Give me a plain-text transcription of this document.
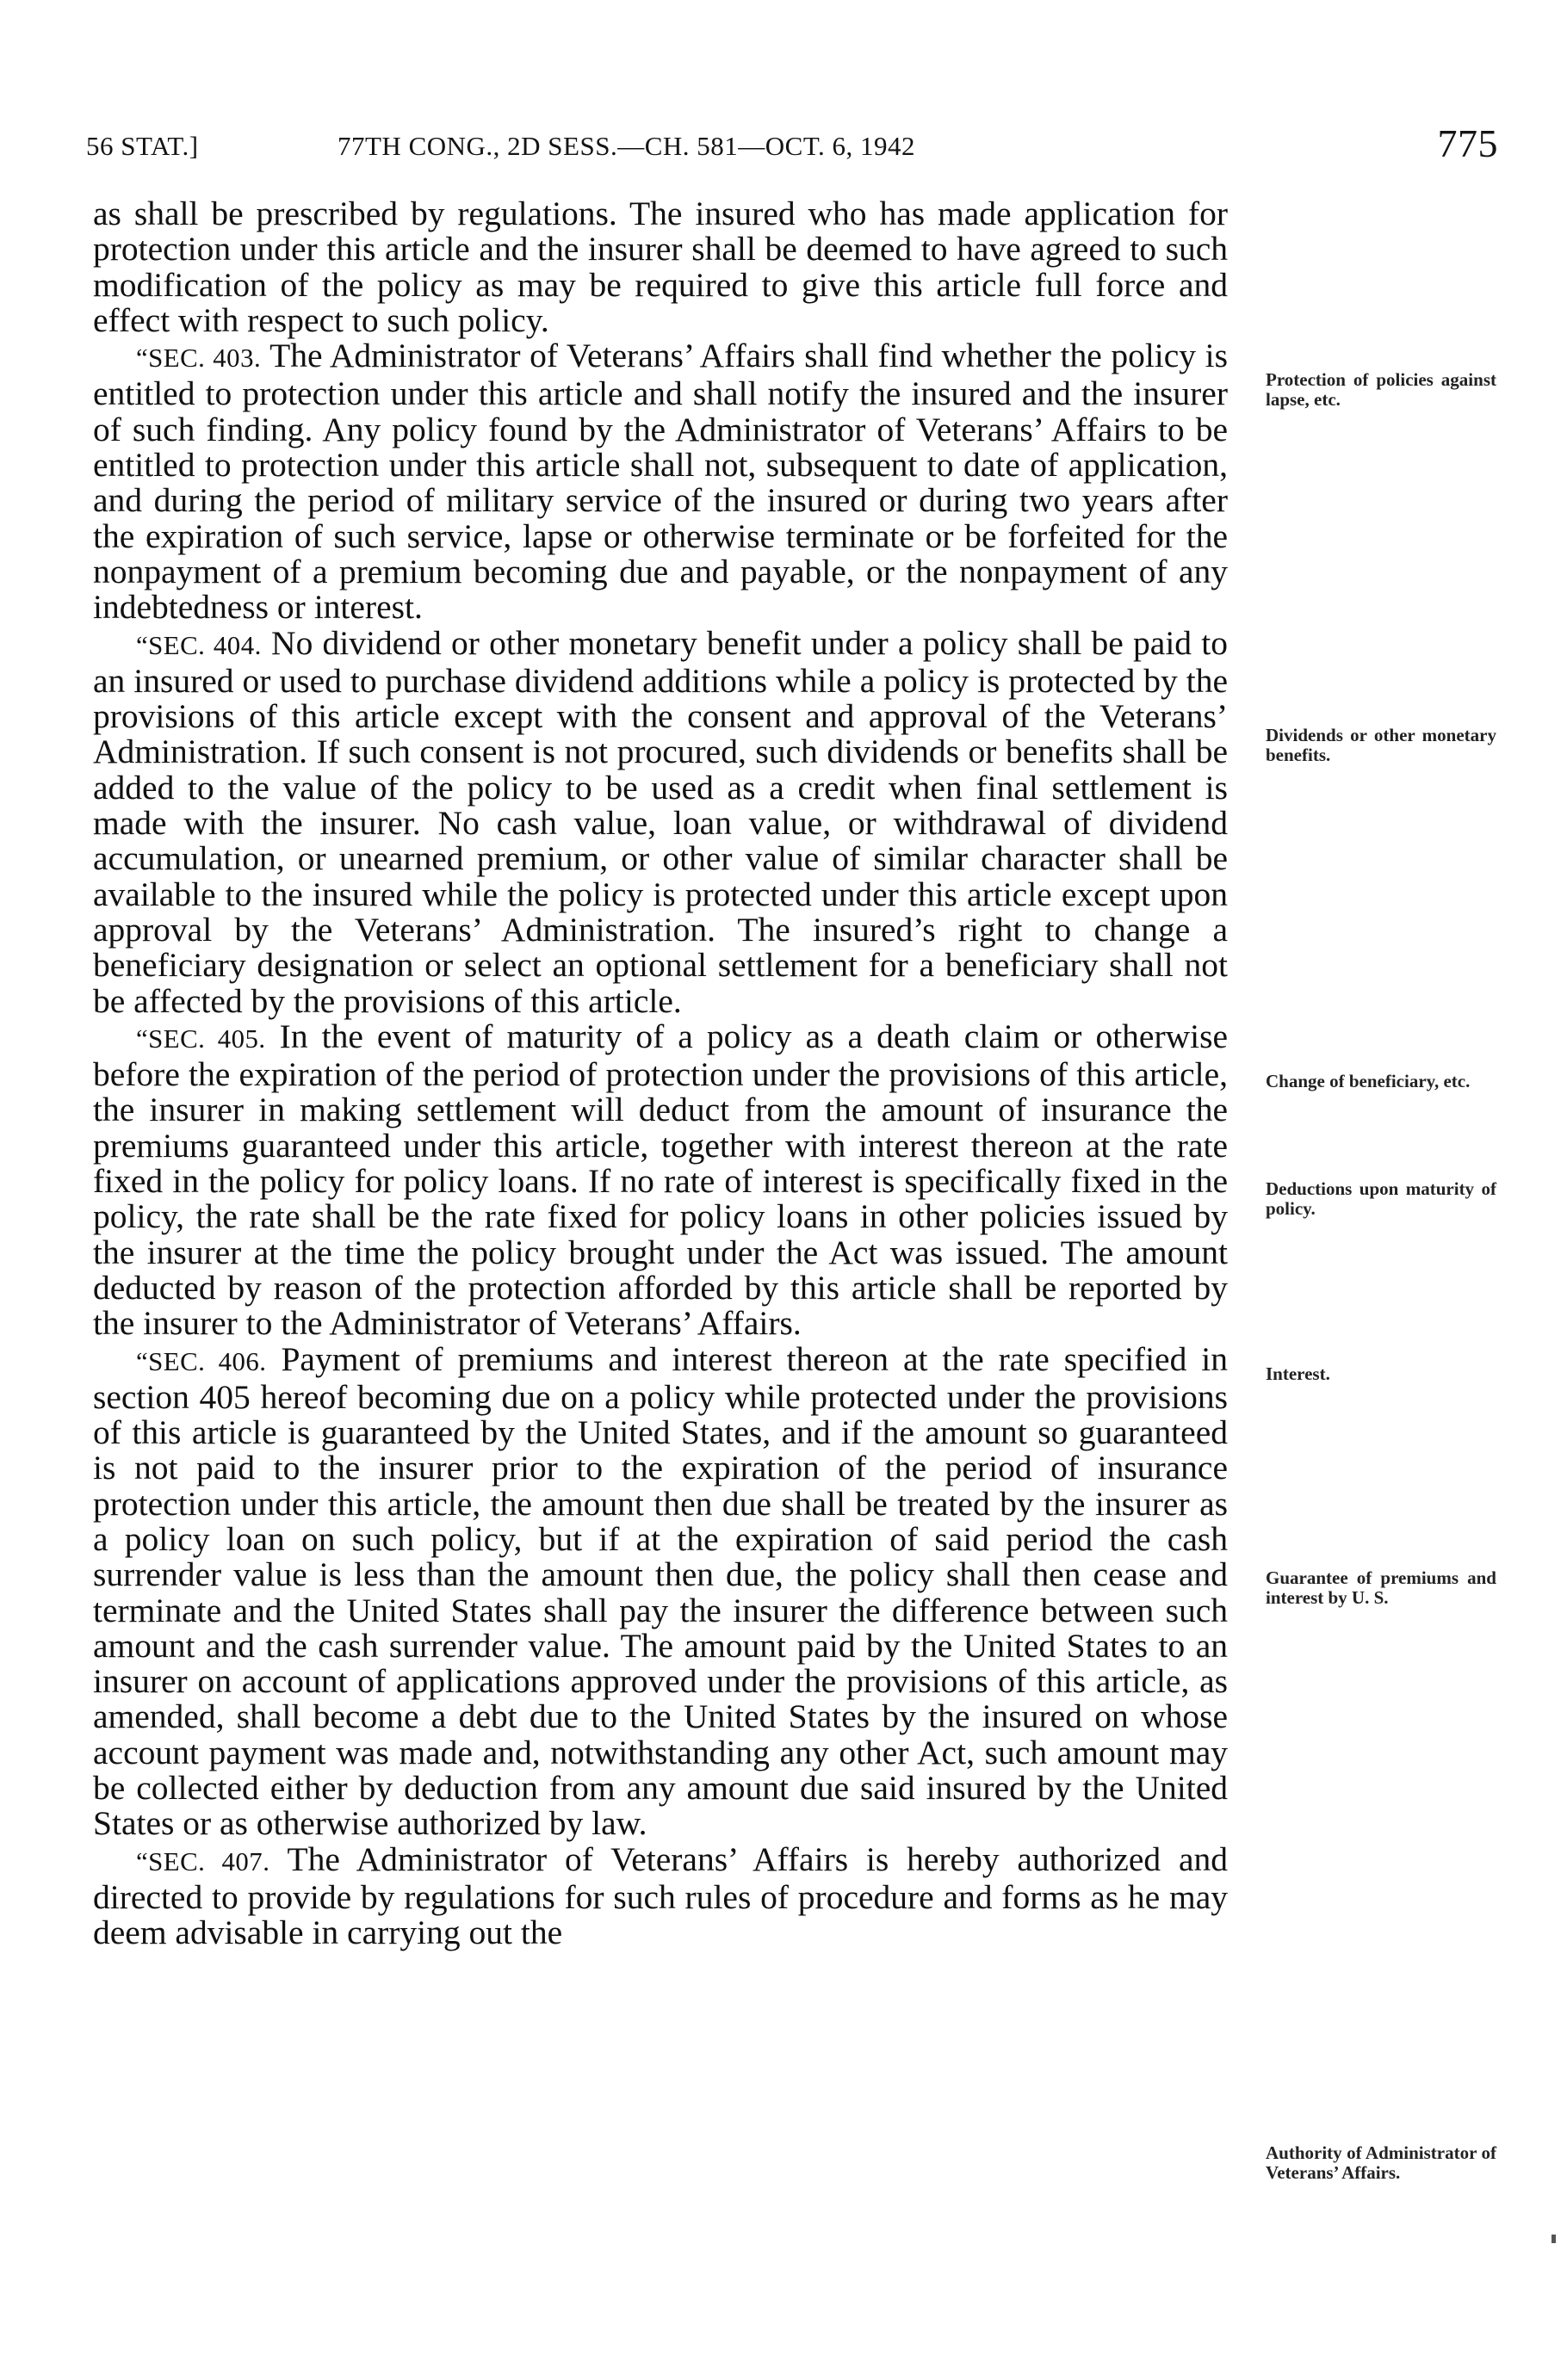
56 STAT.]	77TH CONG., 2D SESS.—CH. 581—OCT. 6, 1942	775

as shall be prescribed by regulations. The insured who has made application for protection under this article and the insurer shall be deemed to have agreed to such modification of the policy as may be required to give this article full force and effect with respect to such policy.

“SEC. 403. The Administrator of Veterans’ Affairs shall find whether the policy is entitled to protection under this article and shall notify the insured and the insurer of such finding. Any policy found by the Administrator of Veterans’ Affairs to be entitled to protection under this article shall not, subsequent to date of application, and during the period of military service of the insured or during two years after the expiration of such service, lapse or otherwise terminate or be forfeited for the nonpayment of a premium becoming due and payable, or the nonpayment of any indebtedness or interest.

“SEC. 404. No dividend or other monetary benefit under a policy shall be paid to an insured or used to purchase dividend additions while a policy is protected by the provisions of this article except with the consent and approval of the Veterans’ Administration. If such consent is not procured, such dividends or benefits shall be added to the value of the policy to be used as a credit when final settlement is made with the insurer. No cash value, loan value, or withdrawal of dividend accumulation, or unearned premium, or other value of similar character shall be available to the insured while the policy is protected under this article except upon approval by the Veterans’ Administration. The insured’s right to change a beneficiary designation or select an optional settlement for a beneficiary shall not be affected by the provisions of this article.

“SEC. 405. In the event of maturity of a policy as a death claim or otherwise before the expiration of the period of protection under the provisions of this article, the insurer in making settlement will deduct from the amount of insurance the premiums guaranteed under this article, together with interest thereon at the rate fixed in the policy for policy loans. If no rate of interest is specifically fixed in the policy, the rate shall be the rate fixed for policy loans in other policies issued by the insurer at the time the policy brought under the Act was issued. The amount deducted by reason of the protection afforded by this article shall be reported by the insurer to the Administrator of Veterans’ Affairs.

“SEC. 406. Payment of premiums and interest thereon at the rate specified in section 405 hereof becoming due on a policy while protected under the provisions of this article is guaranteed by the United States, and if the amount so guaranteed is not paid to the insurer prior to the expiration of the period of insurance protection under this article, the amount then due shall be treated by the insurer as a policy loan on such policy, but if at the expiration of said period the cash surrender value is less than the amount then due, the policy shall then cease and terminate and the United States shall pay the insurer the difference between such amount and the cash surrender value. The amount paid by the United States to an insurer on account of applications approved under the provisions of this article, as amended, shall become a debt due to the United States by the insured on whose account payment was made and, notwithstanding any other Act, such amount may be collected either by deduction from any amount due said insured by the United States or as otherwise authorized by law.

“SEC. 407. The Administrator of Veterans’ Affairs is hereby authorized and directed to provide by regulations for such rules of procedure and forms as he may deem advisable in carrying out the

Protection of policies against lapse, etc.
Dividends or other monetary benefits.
Change of beneficiary, etc.
Deductions upon maturity of policy.
Interest.
Guarantee of premiums and interest by U. S.
Authority of Administrator of Veterans’ Affairs.
